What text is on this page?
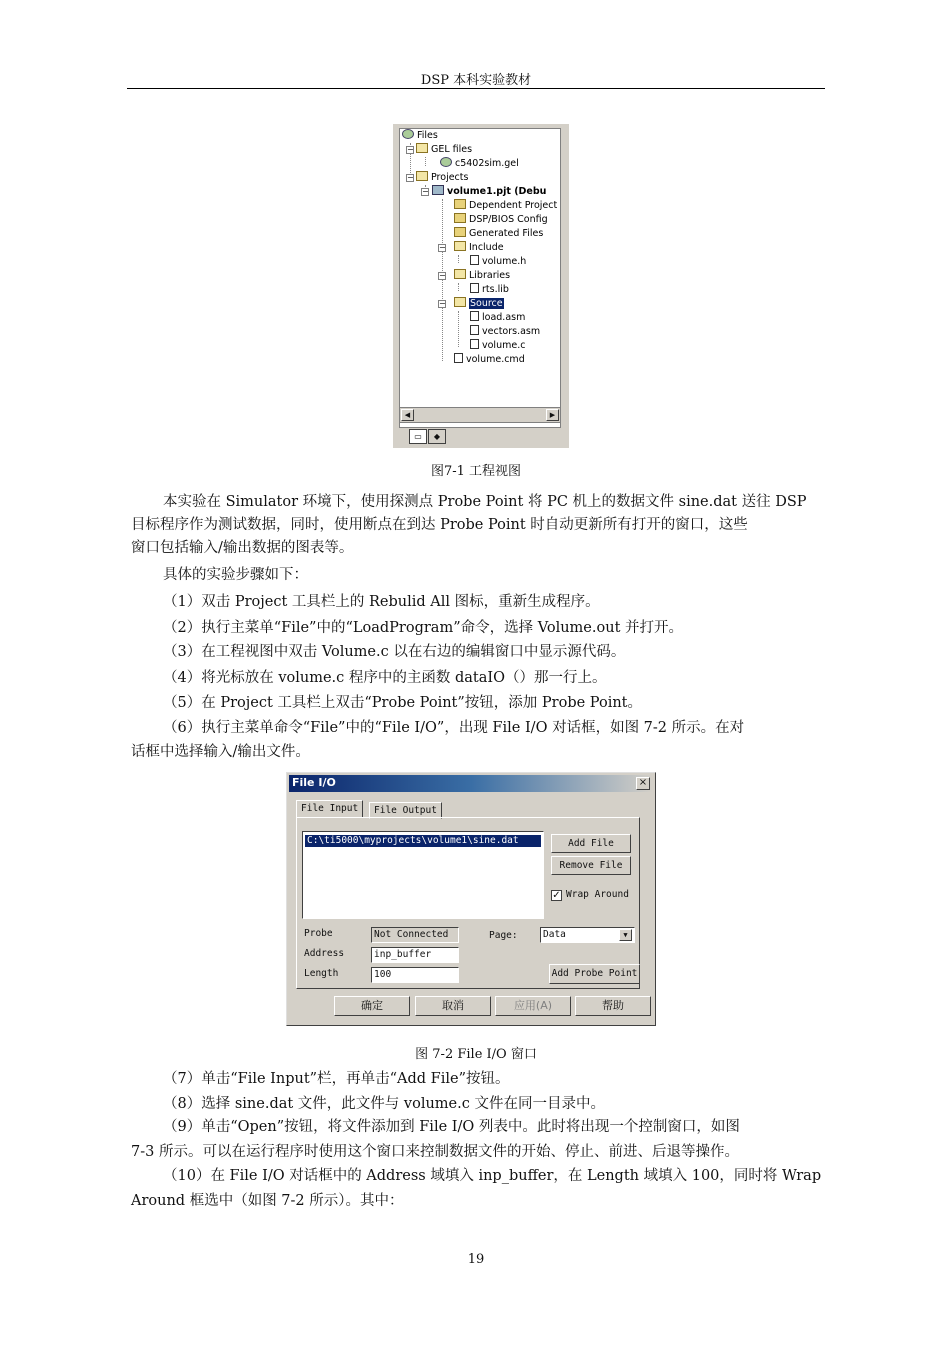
DSP 本科实验教材
Files
−	GEL files
c5402sim.gel
−	Projects
−	volume1.pjt (Debu
Dependent Project
DSP/BIOS Config
Generated Files
−	Include
volume.h
−	Libraries
rts.lib
−	Source
load.asm
vectors.asm
volume.c
volume.cmd
◀	▶
▭	◆
图7-1 工程视图
本实验在 Simulator 环境下，使用探测点 Probe Point 将 PC 机上的数据文件 sine.dat 送往 DSP
目标程序作为测试数据，同时，使用断点在到达 Probe Point 时自动更新所有打开的窗口，这些
窗口包括输入/输出数据的图表等。
具体的实验步骤如下：
（1）双击 Project 工具栏上的 Rebulid All 图标，重新生成程序。
（2）执行主菜单“File”中的“LoadProgram”命令，选择 Volume.out 并打开。
（3）在工程视图中双击 Volume.c 以在右边的编辑窗口中显示源代码。
（4）将光标放在 volume.c 程序中的主函数 dataIO（）那一行上。
（5）在 Project 工具栏上双击“Probe Point”按钮，添加 Probe Point。
（6）执行主菜单命令“File”中的“File I/O”，出现 File I/O 对话框，如图 7-2 所示。在对
话框中选择输入/输出文件。
File I/O	×
File Input	File Output
C:\ti5000\myprojects\volume1\sine.dat	Add File
Remove File
✓ Wrap Around
Probe	Not Connected	Page:	Data	▼
Address	inp_buffer
Length	100	Add Probe Point
确定	取消	应用(A)	帮助
图 7-2 File I/O 窗口
（7）单击“File Input”栏，再单击“Add File”按钮。
（8）选择 sine.dat 文件，此文件与 volume.c 文件在同一目录中。
（9）单击“Open”按钮，将文件添加到 File I/O 列表中。此时将出现一个控制窗口，如图
7-3 所示。可以在运行程序时使用这个窗口来控制数据文件的开始、停止、前进、后退等操作。
（10）在 File I/O 对话框中的 Address 域填入 inp_buffer，在 Length 域填入 100，同时将 Wrap
Around 框选中（如图 7-2 所示）。其中：
19
